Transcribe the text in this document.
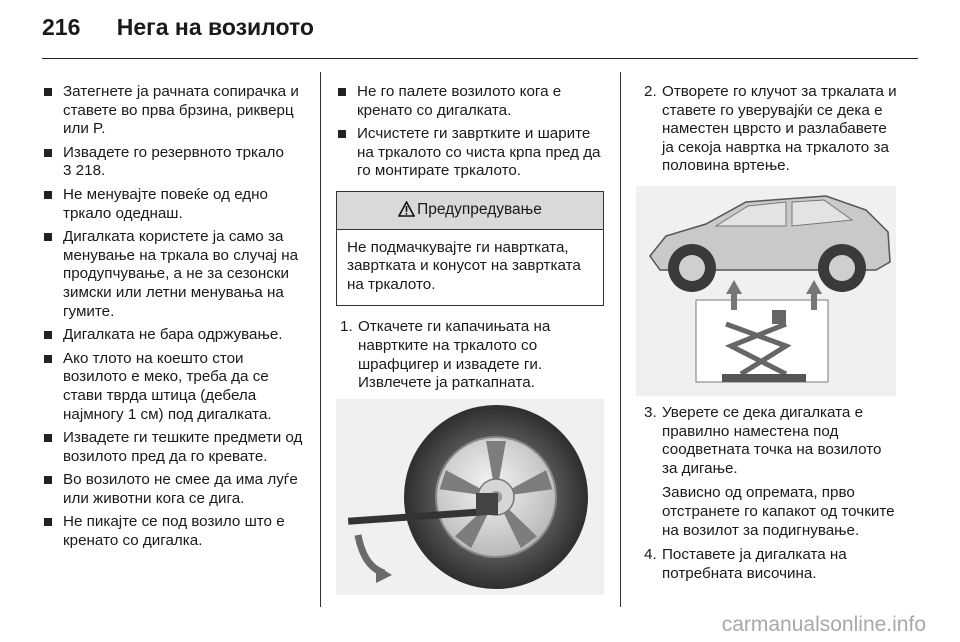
216 Нега на возилото
Затегнете ја рачната сопирачка и ставете во прва брзина, рикверц или P.
Извадете го резервното тркало
3 218.
Не менувајте повеќе од едно тркало одеднаш.
Дигалката користете ја само за менување на тркала во случај на продупчување, а не за сезонски зимски или летни менувања на гумите.
Дигалката не бара одржување.
Ако тлото на коешто стои возилото е меко, треба да се стави тврда штица (дебела најмногу 1 см) под дигалката.
Извадете ги тешките предмети од возилото пред да го кревате.
Во возилото не смее да има луѓе или животни кога се дига.
Не пикајте се под возило што е кренато со дигалка.
Не го палете возилото кога е кренато со дигалката.
Исчистете ги завртките и шарите на тркалото со чиста крпа пред да го монтирате тркалото.
Предупредување
Не подмачкувајте ги навртката, завртката и конусот на завртката на тркалото.
1. Откачете ги капачињата на навртките на тркалото со шрафцигер и извадете ги. Извлечете ја раткапната.

2. Отворете го клучот за тркалата и ставете го уверувајќи се дека е наместен цврсто и разлабавете ја секоја навртка на тркалото за половина вртење.

3. Уверете се дека дигалката е правилно наместена под соодветната точка на возилото за дигање.

Зависно од опремата, прво отстранете го капакот од точките на возилот за подигнување.

4. Поставете ја дигалката на потребната височина.

carmanualsonline.info
